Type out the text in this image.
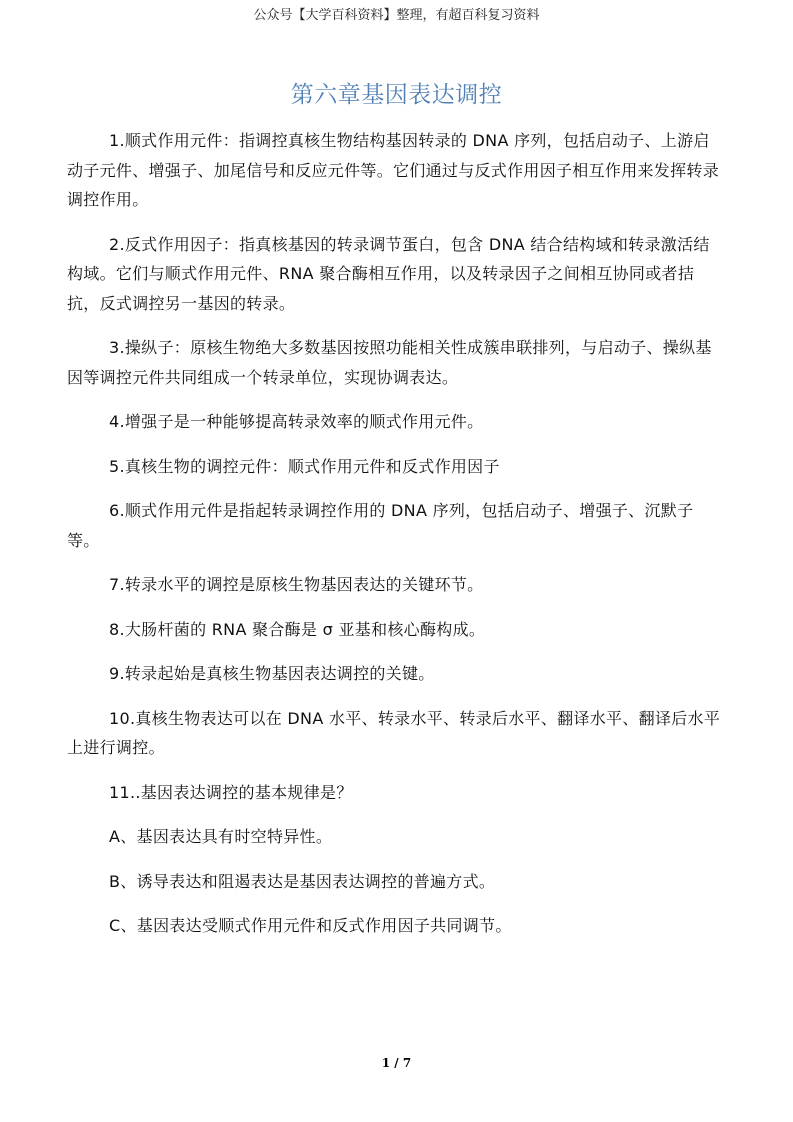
公众号【大学百科资料】整理，有超百科复习资料
第六章基因表达调控

1.顺式作用元件：指调控真核生物结构基因转录的 DNA 序列，包括启动子、上游启动子元件、增强子、加尾信号和反应元件等。它们通过与反式作用因子相互作用来发挥转录调控作用。

2.反式作用因子：指真核基因的转录调节蛋白，包含 DNA 结合结构域和转录激活结构域。它们与顺式作用元件、RNA 聚合酶相互作用，以及转录因子之间相互协同或者拮抗，反式调控另一基因的转录。

3.操纵子：原核生物绝大多数基因按照功能相关性成簇串联排列，与启动子、操纵基因等调控元件共同组成一个转录单位，实现协调表达。

4.增强子是一种能够提高转录效率的顺式作用元件。

5.真核生物的调控元件：顺式作用元件和反式作用因子

6.顺式作用元件是指起转录调控作用的 DNA 序列，包括启动子、增强子、沉默子等。

7.转录水平的调控是原核生物基因表达的关键环节。

8.大肠杆菌的 RNA 聚合酶是 σ 亚基和核心酶构成。

9.转录起始是真核生物基因表达调控的关键。

10.真核生物表达可以在 DNA 水平、转录水平、转录后水平、翻译水平、翻译后水平上进行调控。

11..基因表达调控的基本规律是？

A、基因表达具有时空特异性。

B、诱导表达和阻遏表达是基因表达调控的普遍方式。

C、基因表达受顺式作用元件和反式作用因子共同调节。

1 / 7
